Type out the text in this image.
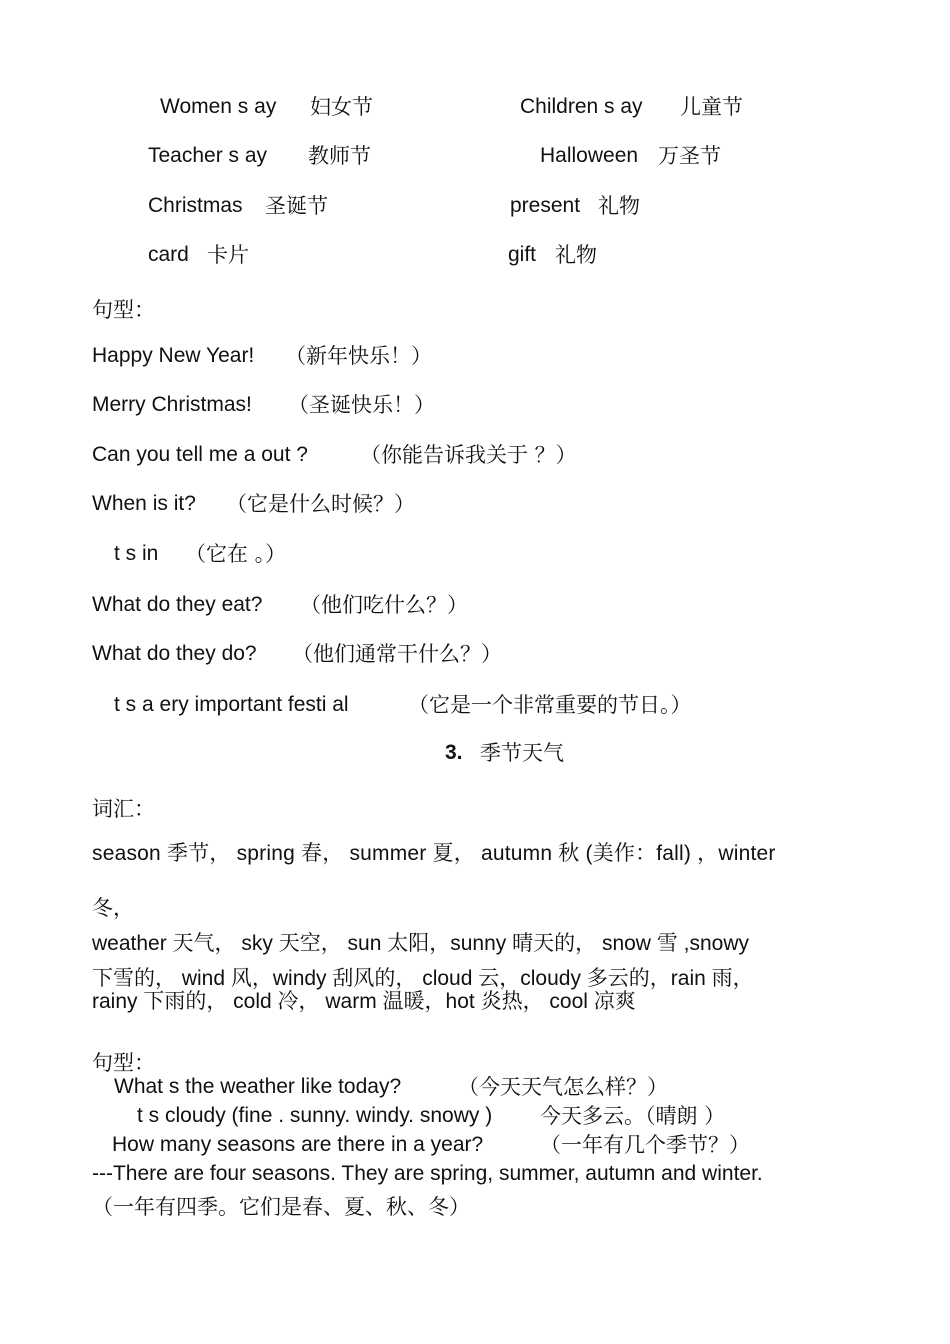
Women s ay 妇女节	Children s ay 儿童节
Teacher s ay 教师节	Halloween 万圣节
Christmas 圣诞节	present 礼物
card 卡片	gift 礼物
句型：
Happy New Year! （新年快乐！）
Merry Christmas! （圣诞快乐！）
Can you tell me a out ? （你能告诉我关于 ？）
When is it? （它是什么时候？）
t s in （它在 。）
What do they eat? （他们吃什么？）
What do they do? （他们通常干什么？）
t s a ery important festi al	（它是一个非常重要的节日。）
3. 季节天气
词汇：
season 季节， spring 春， summer 夏， autumn 秋 (美作：fall) ，winter
冬，
weather 天气， sky 天空， sun 太阳，sunny 晴天的， snow 雪 ,snowy
下雪的， wind 风，windy 刮风的， cloud 云，cloudy 多云的，rain 雨，
rainy 下雨的， cold 冷， warm 温暖，hot 炎热， cool 凉爽
句型：
What s the weather like today?	（今天天气怎么样？）
t s cloudy (fine . sunny. windy. snowy ) 今天多云。（晴朗 ）
How many seasons are there in a year?	（一年有几个季节？）
---There are four seasons. They are spring, summer, autumn and winter.
（一年有四季。它们是春、夏、秋、冬）
